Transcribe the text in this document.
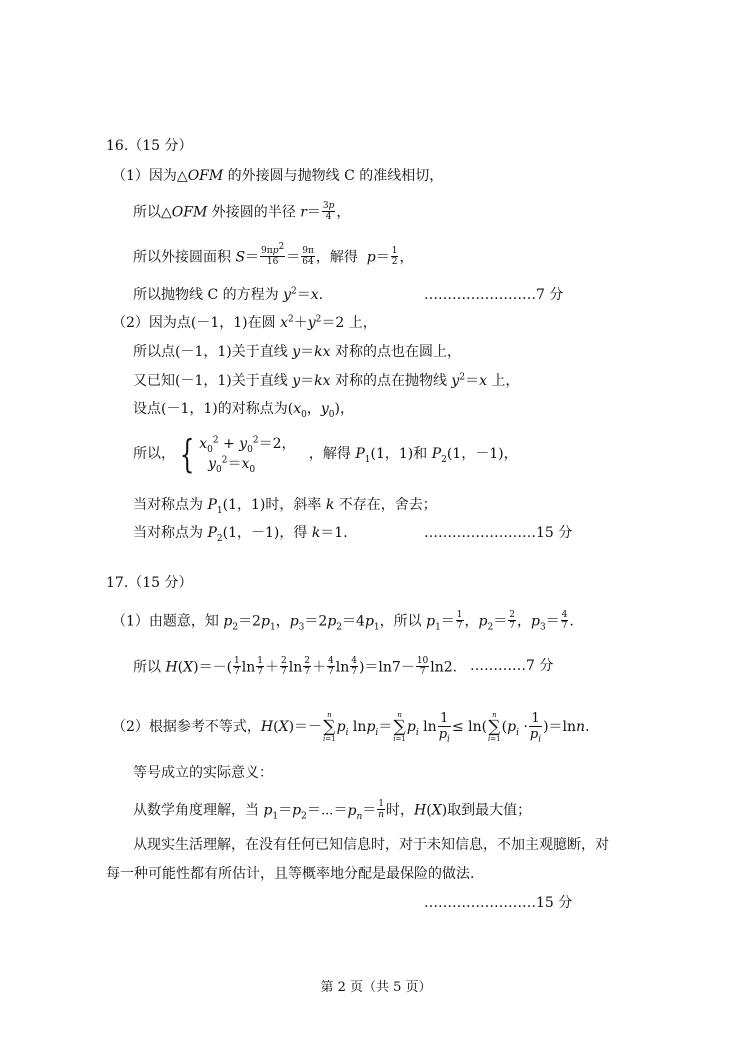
16.（15 分）
（1）因为△OFM 的外接圆与抛物线 C 的准线相切，
所以△OFM 外接圆的半径 $r= \frac{3p}{4}$ ，
所以外接圆面积 $S= \frac{9\pi p^2}{16} = \frac{9\pi}{64}$ ，解得  $p= \frac{1}{2}$ ，
所以抛物线 C 的方程为 $y^2=x$.	……………………7 分
（2）因为点(－1，1)在圆 $x^2+y^2=2$ 上，
所以点(－1，1)关于直线 y＝kx 对称的点也在圆上，
又已知(－1，1)关于直线 y＝kx 对称的点在抛物线 $y^2=x$ 上，
设点(－1，1)的对称点为($x_0$，$y_0$)，
所以， { $x_0^2 + y_0^2=2$，
$y_0^2=x_0$
，解得 $P_1(1$，1)和 $P_2(1$，－1)，
当对称点为 $P_1(1$，1)时，斜率 k 不存在，舍去；
当对称点为 $P_2(1$，－1)，得 k＝1.	……………………15 分
17.（15 分）
（1）由题意，知 $p_2=2p_1$，$p_3=2p_2=4p_1$，所以 $p_1= \frac{1}{7}$ ，$p_2= \frac{2}{7}$ ，$p_3= \frac{4}{7}$ .
所以 $H(X)=-( \frac{1}{7}$ $\ln \frac{1}{7} + \frac{2}{7}$ $\ln \frac{2}{7} + \frac{4}{7}$ $\ln \frac{4}{7} )=\ln 7- \frac{10}{7} \ln 2$. …………7 分
（2）根据参考不等式，H(X)＝－n
∑
$i=1p_i$ lnp$_i$＝n
∑
$i=1p_i$ $\ln \frac{1}{p_i} \le \ln(n$
∑
$i=1(p_i \cdot \frac{1}{p_i} )=\ln n$.
等号成立的实际意义：
从数学角度理解，当 $p_1=p_2=\cdots=p_n= \frac{1}{n}$ 时，H(X)取到最大值；
从现实生活理解，在没有任何已知信息时，对于未知信息，不加主观臆断，对
每一种可能性都有所估计，且等概率地分配是最保险的做法.
……………………15 分
第 2 页（共 5 页）
